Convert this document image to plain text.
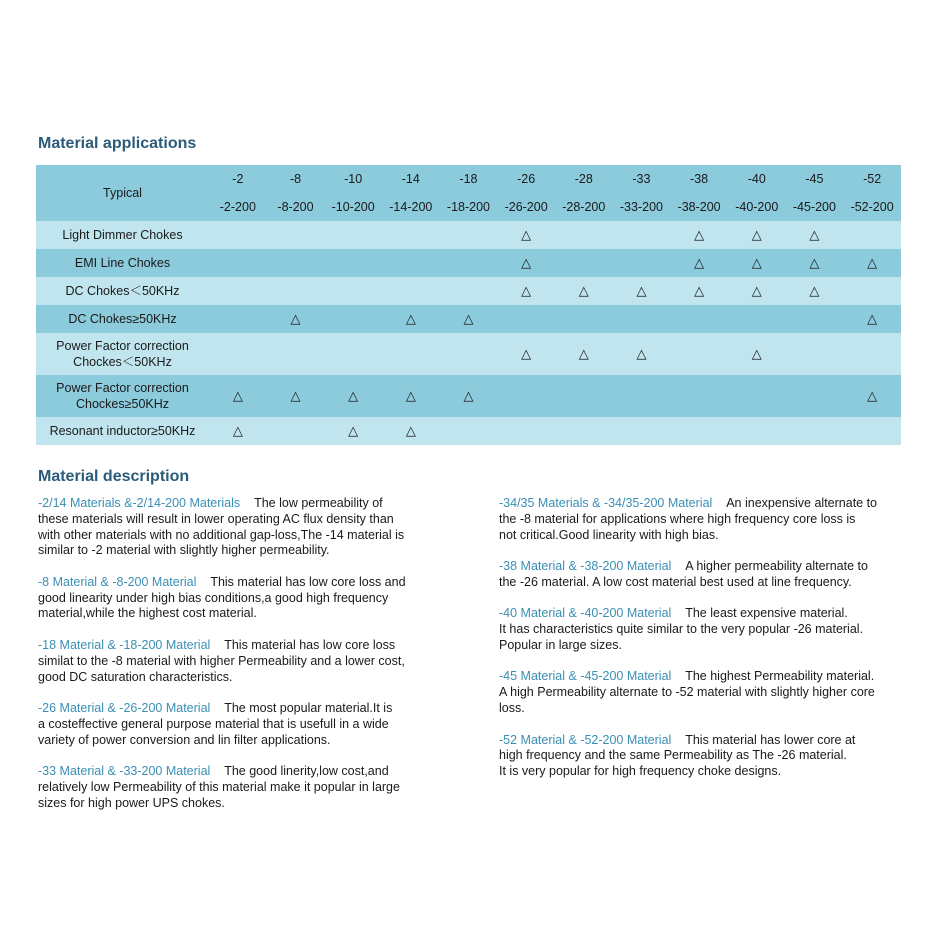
Material applications
Typical	-2	-8	-10	-14	-18	-26	-28	-33	-38	-40	-45	-52
	-2-200	-8-200	-10-200	-14-200	-18-200	-26-200	-28-200	-33-200	-38-200	-40-200	-45-200	-52-200

Light Dimmer Chokes						△			△	△	△	

EMI Line Chokes						△			△	△	△	△

DC Chokes＜50KHz						△	△	△	△	△	△	

DC Chokes≥50KHz		△		△	△							△

Power Factor correction
Chockes＜50KHz						△	△	△		△		

Power Factor correction
Chockes≥50KHz	△	△	△	△	△							△

Resonant inductor≥50KHz	△		△	△								
Material description
-2/14 Materials &-2/14-200 Materials The low permeability of
these materials will result in lower operating AC flux density than
with other materials with no additional gap-loss,The -14 material is
similar to -2 material with slightly higher permeability.
-8 Material & -8-200 Material This material has low core loss and
good linearity under high bias conditions,a good high frequency
material,while the highest cost material.
-18 Material & -18-200 Material This material has low core loss
similat to the -8 material with higher Permeability and a lower cost,
good DC saturation characteristics.
-26 Material & -26-200 Material The most popular material.It is
a costeffective general purpose material that is usefull in a wide
variety of power conversion and lin filter applications.
-33 Material & -33-200 Material The good linerity,low cost,and
relatively low Permeability of this material make it popular in large
sizes for high power UPS chokes.
-34/35 Materials & -34/35-200 Material An inexpensive alternate to
the -8 material for applications where high frequency core loss is
not critical.Good linearity with high bias.
-38 Material & -38-200 Material A higher permeability alternate to
the -26 material. A low cost material best used at line frequency.
-40 Material & -40-200 Material The least expensive material.
It has characteristics quite similar to the very popular -26 material.
Popular in large sizes.
-45 Material & -45-200 Material The highest Permeability material.
A high Permeability alternate to -52 material with slightly higher core
loss.
-52 Material & -52-200 Material This material has lower core at
high frequency and the same Permeability as The -26 material.
It is very popular for high frequency choke designs.
